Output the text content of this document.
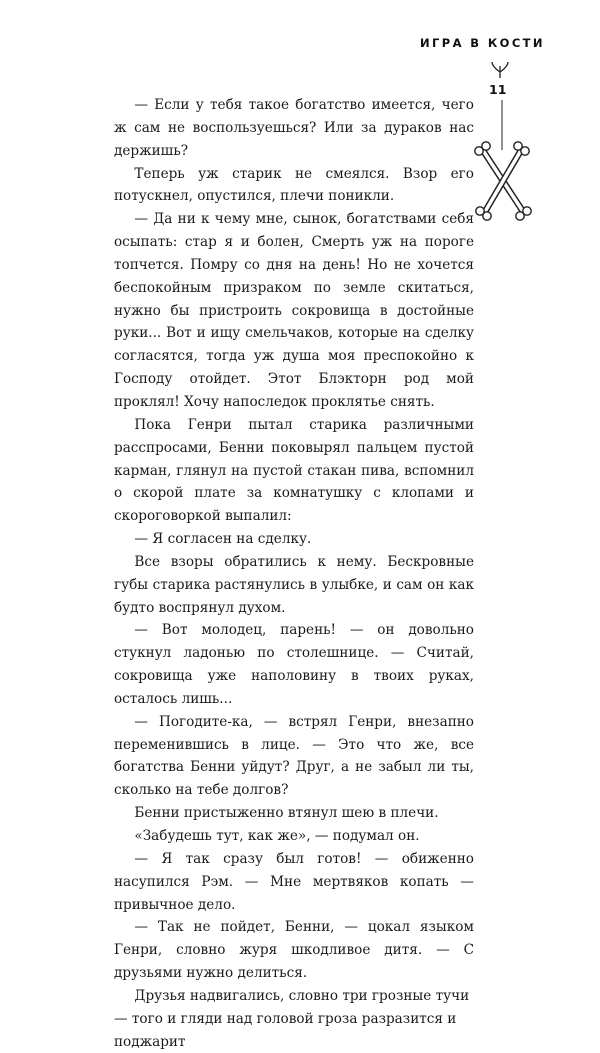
ИГРА В КОСТИ
11

— Если у тебя такое богатство имеется, чего ж сам не воспользуешься? Или за дураков нас держишь?

Теперь уж старик не смеялся. Взор его потускнел, опустился, плечи поникли.

— Да ни к чему мне, сынок, богатствами себя осыпать: стар я и болен, Смерть уж на пороге топчется. Помру со дня на день! Но не хочется беспокойным призраком по земле скитаться, нужно бы пристроить сокровища в достойные руки... Вот и ищу смельчаков, которые на сделку согласятся, тогда уж душа моя преспокойно к Господу отойдет. Этот Блэкторн род мой проклял! Хочу напоследок проклятье снять.

Пока Генри пытал старика различными расспросами, Бенни поковырял пальцем пустой карман, глянул на пустой стакан пива, вспомнил о скорой плате за комнатушку с клопами и скороговоркой выпалил:

— Я согласен на сделку.

Все взоры обратились к нему. Бескровные губы старика растянулись в улыбке, и сам он как будто воспрянул духом.

— Вот молодец, парень! — он довольно стукнул ладонью по столешнице. — Считай, сокровища уже наполовину в твоих руках, осталось лишь...

— Погодите-ка, — встрял Генри, внезапно переменившись в лице. — Это что же, все богатства Бенни уйдут? Друг, а не забыл ли ты, сколько на тебе долгов?

Бенни пристыженно втянул шею в плечи.

«Забудешь тут, как же», — подумал он.

— Я так сразу был готов! — обиженно насупился Рэм. — Мне мертвяков копать — привычное дело.

— Так не пойдет, Бенни, — цокал языком Генри, словно журя шкодливое дитя. — С друзьями нужно делиться.

Друзья надвигались, словно три грозные тучи — того и гляди над головой гроза разразится и поджарит
